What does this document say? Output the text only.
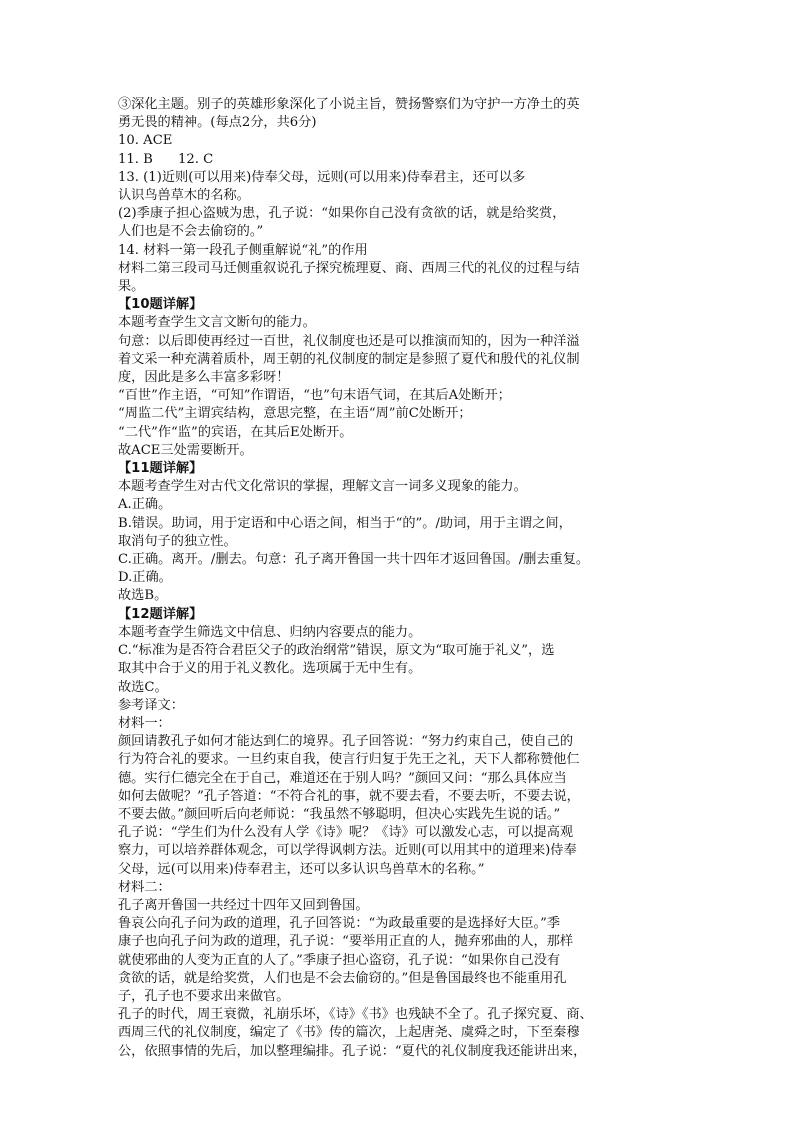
③深化主题。别子的英雄形象深化了小说主旨，赞扬警察们为守护一方净土的英
勇无畏的精神。(每点2分，共6分)
10. ACE
11. B      12. C
13. (1)近则(可以用来)侍奉父母，远则(可以用来)侍奉君主，还可以多
认识鸟兽草木的名称。
(2)季康子担心盗贼为患，孔子说：“如果你自己没有贪欲的话，就是给奖赏，
人们也是不会去偷窃的。”
14. 材料一第一段孔子侧重解说“礼”的作用
材料二第三段司马迁侧重叙说孔子探究梳理夏、商、西周三代的礼仪的过程与结
果。
【10题详解】
本题考查学生文言文断句的能力。
句意：以后即使再经过一百世，礼仪制度也还是可以推演而知的，因为一种洋溢
着文采一种充满着质朴，周王朝的礼仪制度的制定是参照了夏代和殷代的礼仪制
度，因此是多么丰富多彩呀！
“百世”作主语，“可知”作谓语，“也”句末语气词，在其后A处断开；
“周监二代”主谓宾结构，意思完整，在主语“周”前C处断开；
“二代”作“监”的宾语，在其后E处断开。
故ACE三处需要断开。
【11题详解】
本题考查学生对古代文化常识的掌握，理解文言一词多义现象的能力。
A.正确。
B.错误。助词，用于定语和中心语之间，相当于“的”。/助词，用于主谓之间，
取消句子的独立性。
C.正确。离开。/删去。句意：孔子离开鲁国一共十四年才返回鲁国。/删去重复。
D.正确。
故选B。
【12题详解】
本题考查学生筛选文中信息、归纳内容要点的能力。
C.“标准为是否符合君臣父子的政治纲常”错误，原文为“取可施于礼义”，选
取其中合于义的用于礼义教化。选项属于无中生有。
故选C。
参考译文：
材料一：
颜回请教孔子如何才能达到仁的境界。孔子回答说：“努力约束自己，使自己的
行为符合礼的要求。一旦约束自我，使言行归复于先王之礼，天下人都称赞他仁
德。实行仁德完全在于自己，难道还在于别人吗？”颜回又问：“那么具体应当
如何去做呢？”孔子答道：“不符合礼的事，就不要去看，不要去听，不要去说，
不要去做。”颜回听后向老师说：“我虽然不够聪明，但决心实践先生说的话。”
孔子说：“学生们为什么没有人学《诗》呢？《诗》可以激发心志，可以提高观
察力，可以培养群体观念，可以学得讽刺方法。近则(可以用其中的道理来)侍奉
父母，远(可以用来)侍奉君主，还可以多认识鸟兽草木的名称。”
材料二：
孔子离开鲁国一共经过十四年又回到鲁国。
鲁哀公向孔子问为政的道理，孔子回答说：“为政最重要的是选择好大臣。”季
康子也向孔子问为政的道理，孔子说：“要举用正直的人，抛弃邪曲的人，那样
就使邪曲的人变为正直的人了。”季康子担心盗窃，孔子说：“如果你自己没有
贪欲的话，就是给奖赏，人们也是不会去偷窃的。”但是鲁国最终也不能重用孔
子，孔子也不要求出来做官。
孔子的时代，周王衰微，礼崩乐坏，《诗》《书》也残缺不全了。孔子探究夏、商、
西周三代的礼仪制度，编定了《书》传的篇次，上起唐尧、虞舜之时，下至秦穆
公，依照事情的先后，加以整理编排。孔子说：“夏代的礼仪制度我还能讲出来，
